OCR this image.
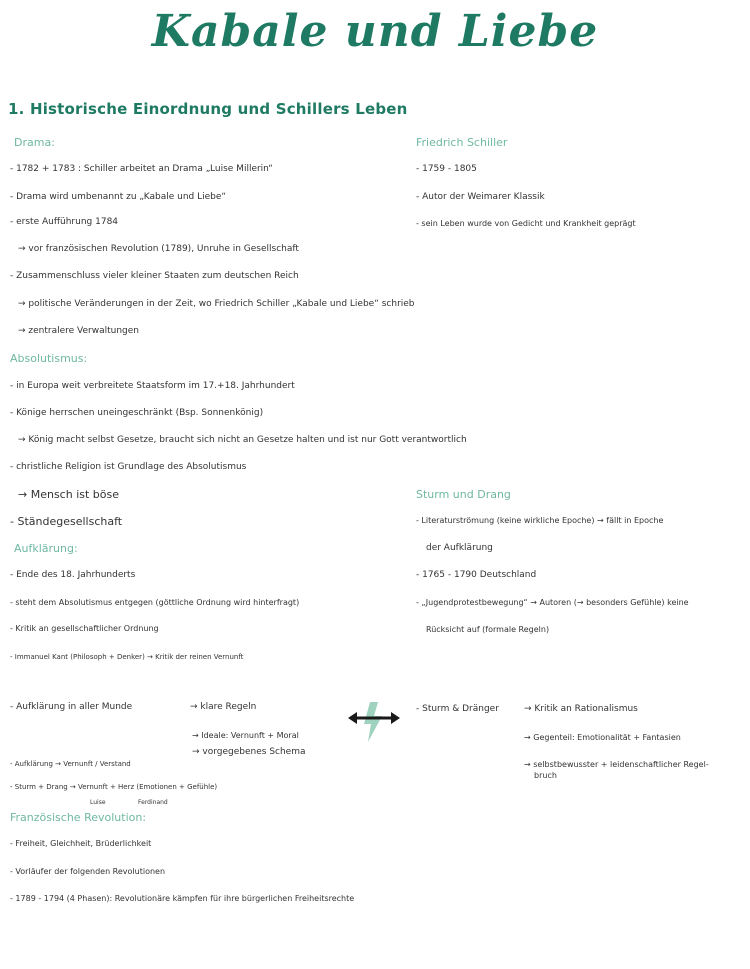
Kabale und Liebe
1. Historische Einordnung und Schillers Leben
Drama:
- 1782 + 1783 : Schiller arbeitet an Drama „Luise Millerin“
- Drama wird umbenannt zu „Kabale und Liebe“
- erste Aufführung 1784
→ vor französischen Revolution (1789), Unruhe in Gesellschaft
- Zusammenschluss vieler kleiner Staaten zum deutschen Reich
→ politische Veränderungen in der Zeit, wo Friedrich Schiller „Kabale und Liebe“ schrieb
→ zentralere Verwaltungen
Friedrich Schiller
- 1759 - 1805
- Autor der Weimarer Klassik
- sein Leben wurde von Gedicht und Krankheit geprägt
Absolutismus:
- in Europa weit verbreitete Staatsform im 17.+18. Jahrhundert
- Könige herrschen uneingeschränkt (Bsp. Sonnenkönig)
→ König macht selbst Gesetze, braucht sich nicht an Gesetze halten und ist nur Gott verantwortlich
- christliche Religion ist Grundlage des Absolutismus
→ Mensch ist böse
- Ständegesellschaft
Sturm und Drang
- Literaturströmung (keine wirkliche Epoche) → fällt in Epoche
der Aufklärung
- 1765 - 1790 Deutschland
- „Jugendprotestbewegung“ → Autoren (→ besonders Gefühle) keine
Rücksicht auf (formale Regeln)
Aufklärung:
- Ende des 18. Jahrhunderts
- steht dem Absolutismus entgegen (göttliche Ordnung wird hinterfragt)
- Kritik an gesellschaftlicher Ordnung
- Immanuel Kant (Philosoph + Denker) → Kritik der reinen Vernunft
- Aufklärung in aller Munde	→ klare Regeln
→ Ideale: Vernunft + Moral
→ vorgegebenes Schema
- Aufklärung → Vernunft / Verstand
- Sturm + Drang → Vernunft + Herz (Emotionen + Gefühle)
Luise	Ferdinand
- Sturm & Dränger	→ Kritik an Rationalismus
→ Gegenteil: Emotionalität + Fantasien
→ selbstbewusster + leidenschaftlicher Regel-
bruch
Französische Revolution:
- Freiheit, Gleichheit, Brüderlichkeit
- Vorläufer der folgenden Revolutionen
- 1789 - 1794 (4 Phasen): Revolutionäre kämpfen für ihre bürgerlichen Freiheitsrechte
